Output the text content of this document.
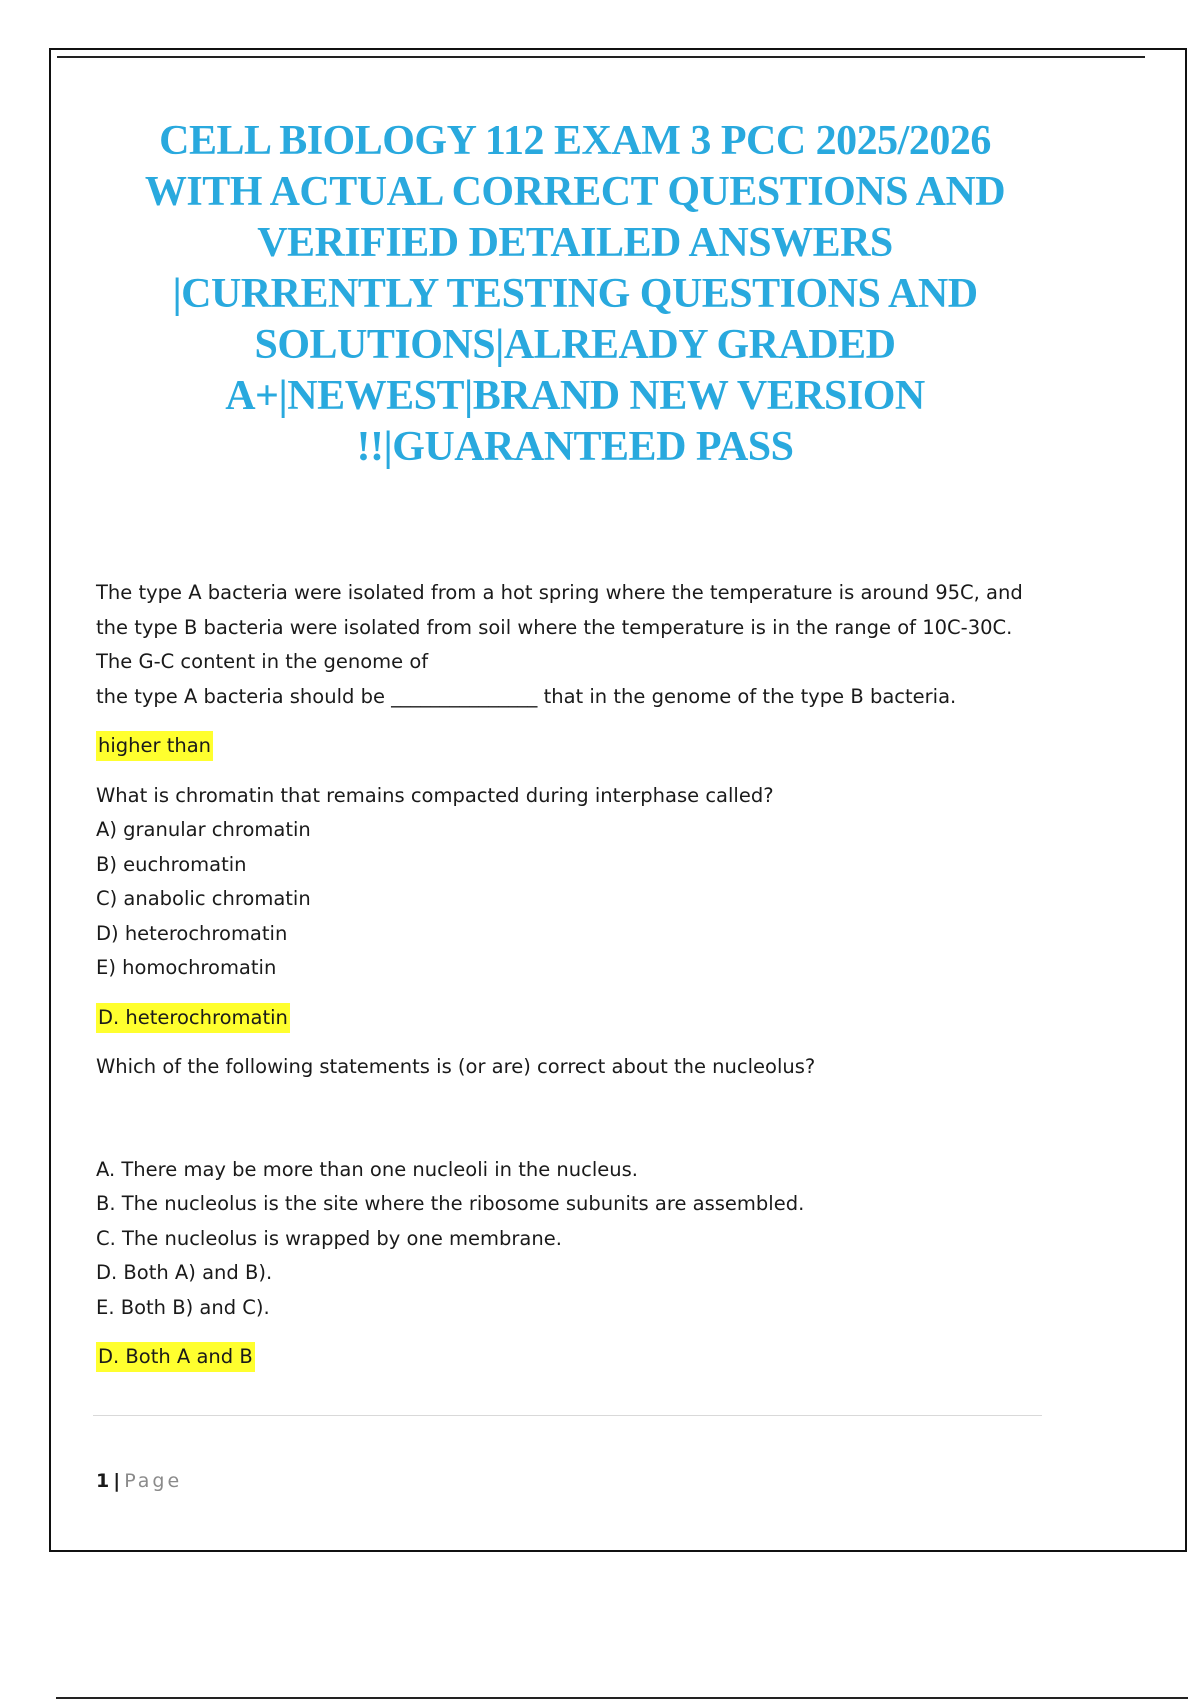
CELL BIOLOGY 112 EXAM 3 PCC 2025/2026
WITH ACTUAL CORRECT QUESTIONS AND
VERIFIED DETAILED ANSWERS
|CURRENTLY TESTING QUESTIONS AND
SOLUTIONS|ALREADY GRADED
A+|NEWEST|BRAND NEW VERSION
!!|GUARANTEED PASS

The type A bacteria were isolated from a hot spring where the temperature is around 95C, and

the type B bacteria were isolated from soil where the temperature is in the range of 10C-30C.

The G-C content in the genome of

the type A bacteria should be _______________ that in the genome of the type B bacteria.

higher than

What is chromatin that remains compacted during interphase called?

A) granular chromatin

B) euchromatin

C) anabolic chromatin

D) heterochromatin

E) homochromatin

D. heterochromatin

Which of the following statements is (or are) correct about the nucleolus?

A. There may be more than one nucleoli in the nucleus.

B. The nucleolus is the site where the ribosome subunits are assembled.

C. The nucleolus is wrapped by one membrane.

D. Both A) and B).

E. Both B) and C).

D. Both A and B

1 | Page
